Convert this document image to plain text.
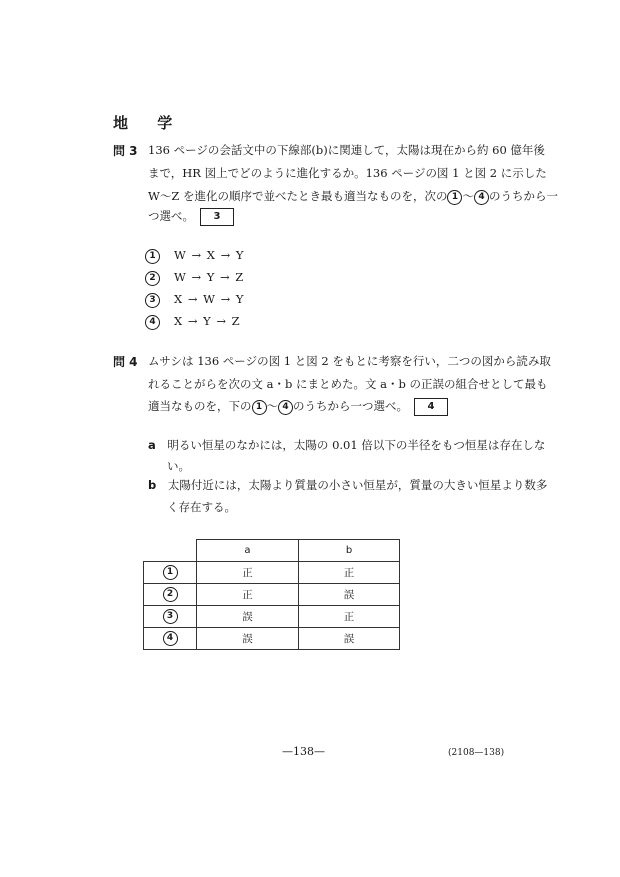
地 学
問 3 136 ページの会話文中の下線部(b)に関連して，太陽は現在から約 60 億年後
まで，HR 図上でどのように進化するか。136 ページの図 1 と図 2 に示した
W～Z を進化の順序で並べたとき最も適当なものを，次の 1 ～ 4 のうちから一
つ選べ。 3
1 W → X → Y
2 W → Y → Z
3 X → W → Y
4 X → Y → Z
問 4 ムサシは 136 ページの図 1 と図 2 をもとに考察を行い，二つの図から読み取
れることがらを次の文 a・b にまとめた。文 a・b の正誤の組合せとして最も
適当なものを，下の 1 ～ 4 のうちから一つ選べ。 4
a 明るい恒星のなかには，太陽の 0.01 倍以下の半径をもつ恒星は存在しな
い。
b 太陽付近には，太陽より質量の小さい恒星が，質量の大きい恒星より数多
く存在する。
	a	b
1	正	正
2	正	誤
3	誤	正
4	誤	誤
—138—	(2108—138)
